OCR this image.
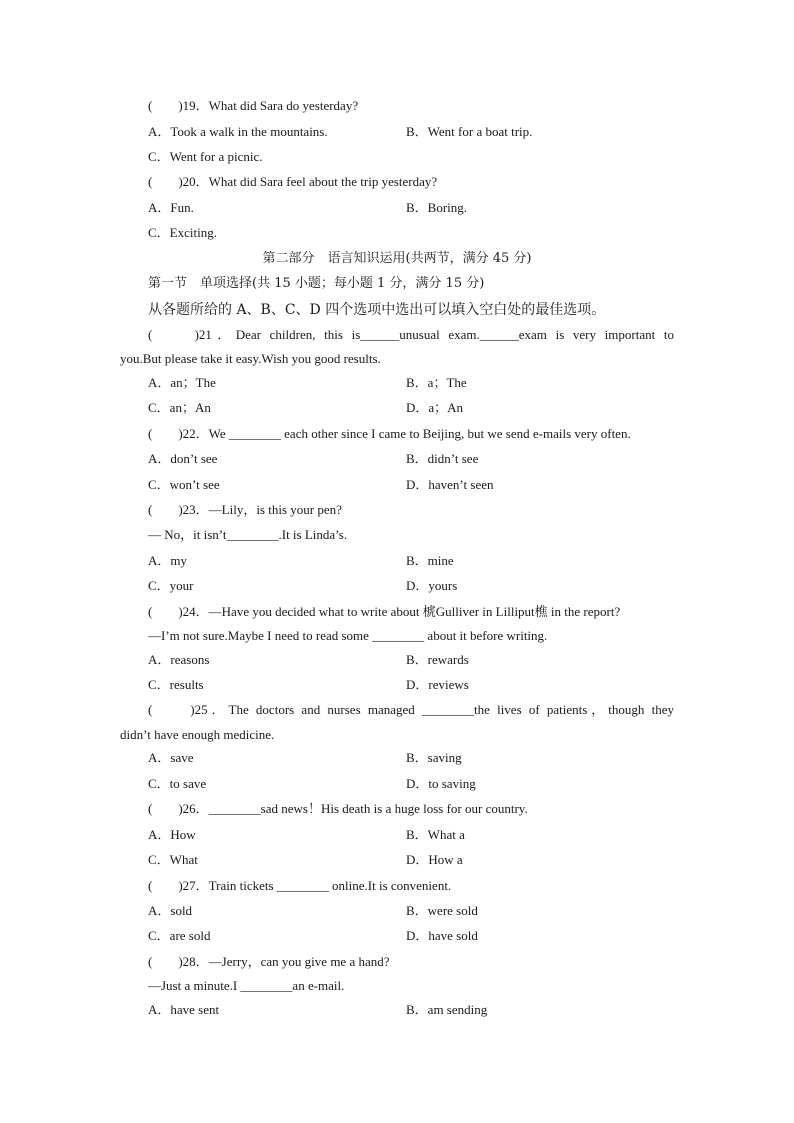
(　　)19．What did Sara do yesterday?
A．Took a walk in the mountains.	B．Went for a boat trip.
C．Went for a picnic.
(　　)20．What did Sara feel about the trip yesterday?
A．Fun.	B．Boring.
C．Exciting.
第二部分　语言知识运用(共两节，满分 45 分)
第一节　单项选择(共 15 小题；每小题 1 分，满分 15 分)
从各题所给的 A、B、C、D 四个选项中选出可以填入空白处的最佳选项。
(　　)21．Dear children, this is______unusual exam.______exam is very important to
you.But please take it easy.Wish you good results.
A．an；The	B．a；The
C．an；An	D．a；An
(　　)22．We ________ each other since I came to Beijing, but we send e-mails very often.
A．don’t see	B．didn’t see
C．won’t see	D．haven’t seen
(　　)23．—Lily，is this your pen?
— No，it isn’t________.It is Linda’s.
A．my	B．mine
C．your	D．yours
(　　)24．—Have you decided what to write about 椃Gulliver in Lilliput樵 in the report?
—I’m not sure.Maybe I need to read some ________ about it before writing.
A．reasons	B．rewards
C．results	D．reviews
(　　)25．The doctors and nurses managed ________the lives of patients，though they
didn’t have enough medicine.
A．save	B．saving
C．to save	D．to saving
(　　)26．________sad news！His death is a huge loss for our country.
A．How	B．What a
C．What	D．How a
(　　)27．Train tickets ________ online.It is convenient.
A．sold	B．were sold
C．are sold	D．have sold
(　　)28．—Jerry，can you give me a hand?
—Just a minute.I ________an e-mail.
A．have sent	B．am sending
